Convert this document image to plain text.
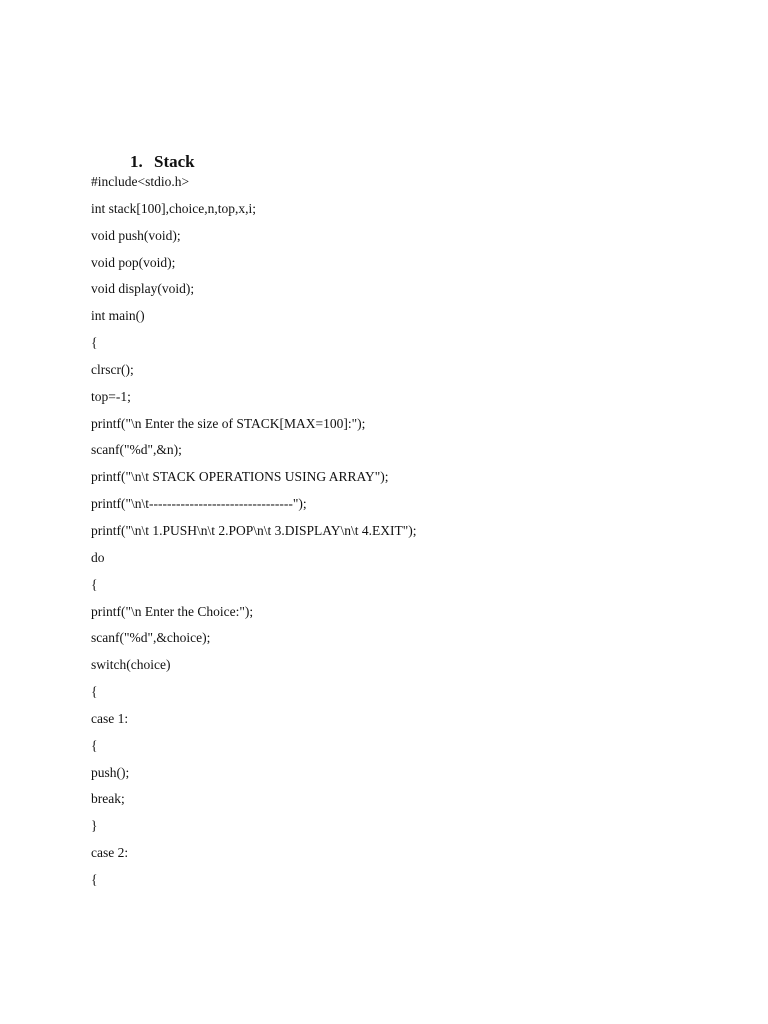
1. Stack

#include<stdio.h>
int stack[100],choice,n,top,x,i;
void push(void);
void pop(void);
void display(void);
int main()
{
clrscr();
top=-1;
printf("\n Enter the size of STACK[MAX=100]:");
scanf("%d",&n);
printf("\n\t STACK OPERATIONS USING ARRAY");
printf("\n\t--------------------------------");
printf("\n\t 1.PUSH\n\t 2.POP\n\t 3.DISPLAY\n\t 4.EXIT");
do
{
printf("\n Enter the Choice:");
scanf("%d",&choice);
switch(choice)
{
case 1:
{
push();
break;
}
case 2:
{
